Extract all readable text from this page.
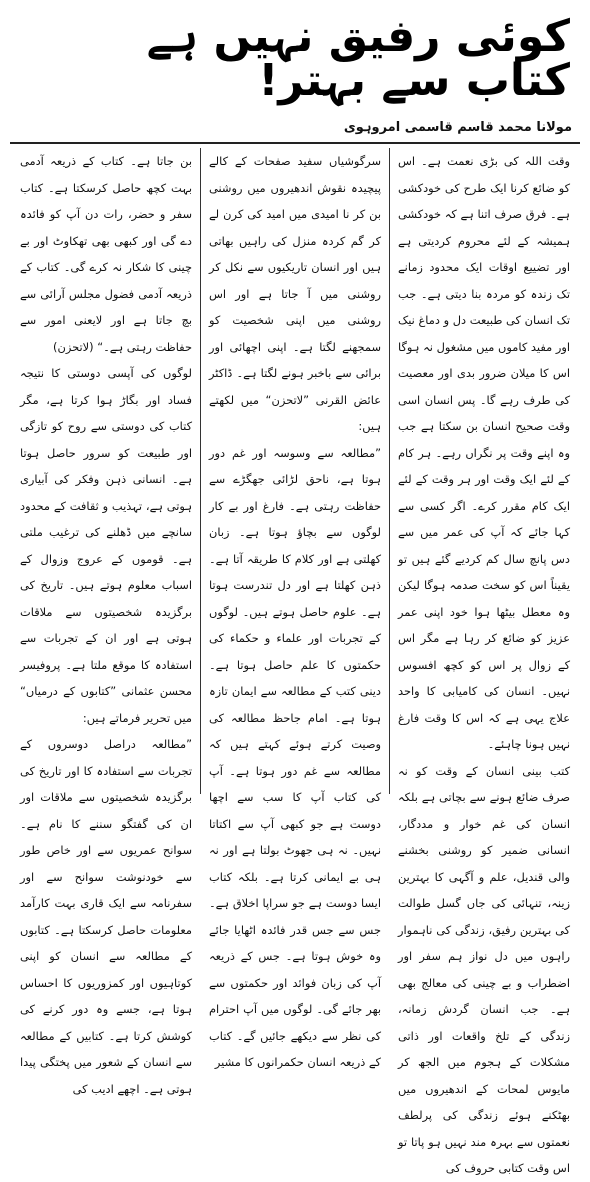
کوئی رفیق نہیں ہے کتاب سے بہتر!
مولانا محمد قاسم قاسمی امروہوی

وقت اللہ کی بڑی نعمت ہے۔ اس کو ضائع کرنا ایک طرح کی خودکشی ہے۔ فرق صرف اتنا ہے کہ خودکشی ہمیشہ کے لئے محروم کردیتی ہے اور تضییع اوقات ایک محدود زمانے تک زندہ کو مردہ بنا دیتی ہے۔ جب تک انسان کی طبیعت دل و دماغ نیک اور مفید کاموں میں مشغول نہ ہوگا اس کا میلان ضرور بدی اور معصیت کی طرف رہے گا۔ پس انسان اسی وقت صحیح انسان بن سکتا ہے جب وہ اپنے وقت پر نگراں رہے۔ ہر کام کے لئے ایک وقت اور ہر وقت کے لئے ایک کام مقرر کرے۔ اگر کسی سے کہا جائے کہ آپ کی عمر میں سے دس پانچ سال کم کردیے گئے ہیں تو یقیناً اس کو سخت صدمہ ہوگا لیکن وہ معطل بیٹھا ہوا خود اپنی عمر عزیز کو ضائع کر رہا ہے مگر اس کے زوال پر اس کو کچھ افسوس نہیں۔ انسان کی کامیابی کا واحد علاج یہی ہے کہ اس کا وقت فارغ نہیں ہونا چاہئے۔

کتب بینی انسان کے وقت کو نہ صرف ضائع ہونے سے بچاتی ہے بلکہ انسان کی غم خوار و مددگار، انسانی ضمیر کو روشنی بخشنے والی قندیل، علم و آگہی کا بہترین زینہ، تنہائی کی جاں گسل طوالت کی بہترین رفیق، زندگی کی ناہموار راہوں میں دل نواز ہم سفر اور اضطراب و بے چینی کی معالج بھی ہے۔ جب انسان گردش زمانہ، زندگی کے تلخ واقعات اور ذاتی مشکلات کے ہجوم میں الجھ کر مایوس لمحات کے اندھیروں میں بھٹکنے ہوئے زندگی کی پرلطف نعمتوں سے بہرہ مند نہیں ہو پاتا تو اس وقت کتابی حروف کی

سرگوشیاں سفید صفحات کے کالے پیچیدہ نقوش اندھیروں میں روشنی بن کر نا امیدی میں امید کی کرن لے کر گم کردہ منزل کی راہیں بھاتی ہیں اور انسان تاریکیوں سے نکل کر روشنی میں آ جاتا ہے اور اس روشنی میں اپنی شخصیت کو سمجھنے لگتا ہے۔ اپنی اچھائی اور برائی سے باخبر ہونے لگتا ہے۔ ڈاکٹر عائض القرنی ”لاتحزن“ میں لکھتے ہیں:

”مطالعہ سے وسوسہ اور غم دور ہوتا ہے، ناحق لڑائی جھگڑے سے حفاظت رہتی ہے۔ فارغ اور بے کار لوگوں سے بچاؤ ہوتا ہے۔ زبان کھلتی ہے اور کلام کا طریقہ آتا ہے۔ ذہن کھلتا ہے اور دل تندرست ہوتا ہے۔ علوم حاصل ہوتے ہیں۔ لوگوں کے تجربات اور علماء و حکماء کی حکمتوں کا علم حاصل ہوتا ہے۔ دینی کتب کے مطالعہ سے ایمان تازہ ہوتا ہے۔ امام جاحظ مطالعہ کی وصیت کرتے ہوئے کہتے ہیں کہ مطالعہ سے غم دور ہوتا ہے۔ آپ کی کتاب آپ کا سب سے اچھا دوست ہے جو کبھی آپ سے اکتاتا نہیں۔ نہ ہی جھوٹ بولتا ہے اور نہ ہی بے ایمانی کرتا ہے۔ بلکہ کتاب ایسا دوست ہے جو سراپا اخلاق ہے۔ جس سے جس قدر فائدہ اٹھایا جائے وہ خوش ہوتا ہے۔ جس کے ذریعہ آپ کی زبان فوائد اور حکمتوں سے بھر جائے گی۔ لوگوں میں آپ احترام کی نظر سے دیکھے جائیں گے۔ کتاب کے ذریعہ انسان حکمرانوں کا مشیر

بن جاتا ہے۔ کتاب کے ذریعہ آدمی بہت کچھ حاصل کرسکتا ہے۔ کتاب سفر و حضر، رات دن آپ کو فائدہ دے گی اور کبھی بھی تھکاوٹ اور بے چینی کا شکار نہ کرے گی۔ کتاب کے ذریعہ آدمی فضول مجلس آرائی سے بچ جاتا ہے اور لایعنی امور سے حفاظت رہتی ہے۔“ (لاتحزن)

لوگوں کی آپسی دوستی کا نتیجہ فساد اور بگاڑ ہوا کرتا ہے، مگر کتاب کی دوستی سے روح کو تازگی اور طبیعت کو سرور حاصل ہوتا ہے۔ انسانی ذہن وفکر کی آبیاری ہوتی ہے، تہذیب و ثقافت کے محدود سانچے میں ڈھلنے کی ترغیب ملتی ہے۔ قوموں کے عروج وزوال کے اسباب معلوم ہوتے ہیں۔ تاریخ کی برگزیدہ شخصیتوں سے ملاقات ہوتی ہے اور ان کے تجربات سے استفادہ کا موقع ملتا ہے۔ پروفیسر محسن عثمانی ”کتابوں کے درمیاں“ میں تحریر فرماتے ہیں:

”مطالعہ دراصل دوسروں کے تجربات سے استفادہ کا اور تاریخ کی برگزیدہ شخصیتوں سے ملاقات اور ان کی گفتگو سننے کا نام ہے۔ سوانح عمریوں سے اور خاص طور سے خودنوشت سوانح سے اور سفرنامہ سے ایک قاری بہت کارآمد معلومات حاصل کرسکتا ہے۔ کتابوں کے مطالعہ سے انسان کو اپنی کوتاہیوں اور کمزوریوں کا احساس ہوتا ہے، جسے وہ دور کرنے کی کوشش کرتا ہے۔ کتابیں کے مطالعہ سے انسان کے شعور میں پختگی پیدا ہوتی ہے۔ اچھے ادیب کی
